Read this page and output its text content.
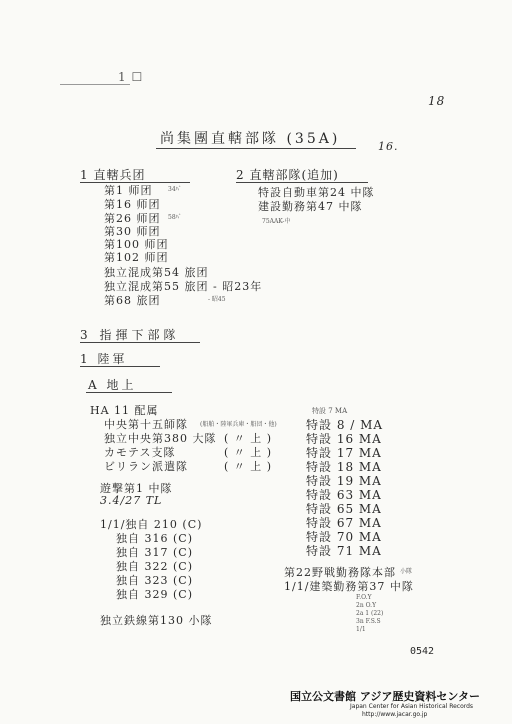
1 ☐
18
尚集團直轄部隊 (35A)	16.
1 直轄兵团
第1 师团	34ﾊﾞ
第16 师团
第26 师团 58ﾊﾞ
第30 师团
第100 师团
第102 师团
独立混成第54 旅团
独立混成第55 旅团 ‐ 昭23年
第68 旅团	- 昭45
2 直轄部隊(追加)
特設自動車第24 中隊
建設勤務第47 中隊
75AAK-中
3 指揮下部隊
1 陸軍
A 地上
HA 11 配属
中央第十五師隊 (船舶・陸軍兵庫・船団・他)
独立中央第380 大隊 ( 〃 上 )
カモテス支隊	( 〃 上 )
ビリラン派遣隊	( 〃 上 )
遊撃第1 中隊
3.4/27 TL
1/1/独自 210 (C)
独自 316 (C)
独自 317 (C)
独自 322 (C)
独自 323 (C)
独自 329 (C)
独立鉄線第130 小隊
特設 7 MA
特設 8 / MA
特設 16 MA
特設 17 MA
特設 18 MA
特設 19 MA
特設 63 MA
特設 65 MA
特設 67 MA
特設 70 MA
特設 71 MA
第22野戦勤務隊本部 小隊
1/1/建築勤務第37 中隊
F.O.Y
2n O.Y
2a 1 (22)
3n F.S.S
1/1
0542
国立公文書館 アジア歴史資料センター
Japan Center for Asian Historical Records
http://www.jacar.go.jp
